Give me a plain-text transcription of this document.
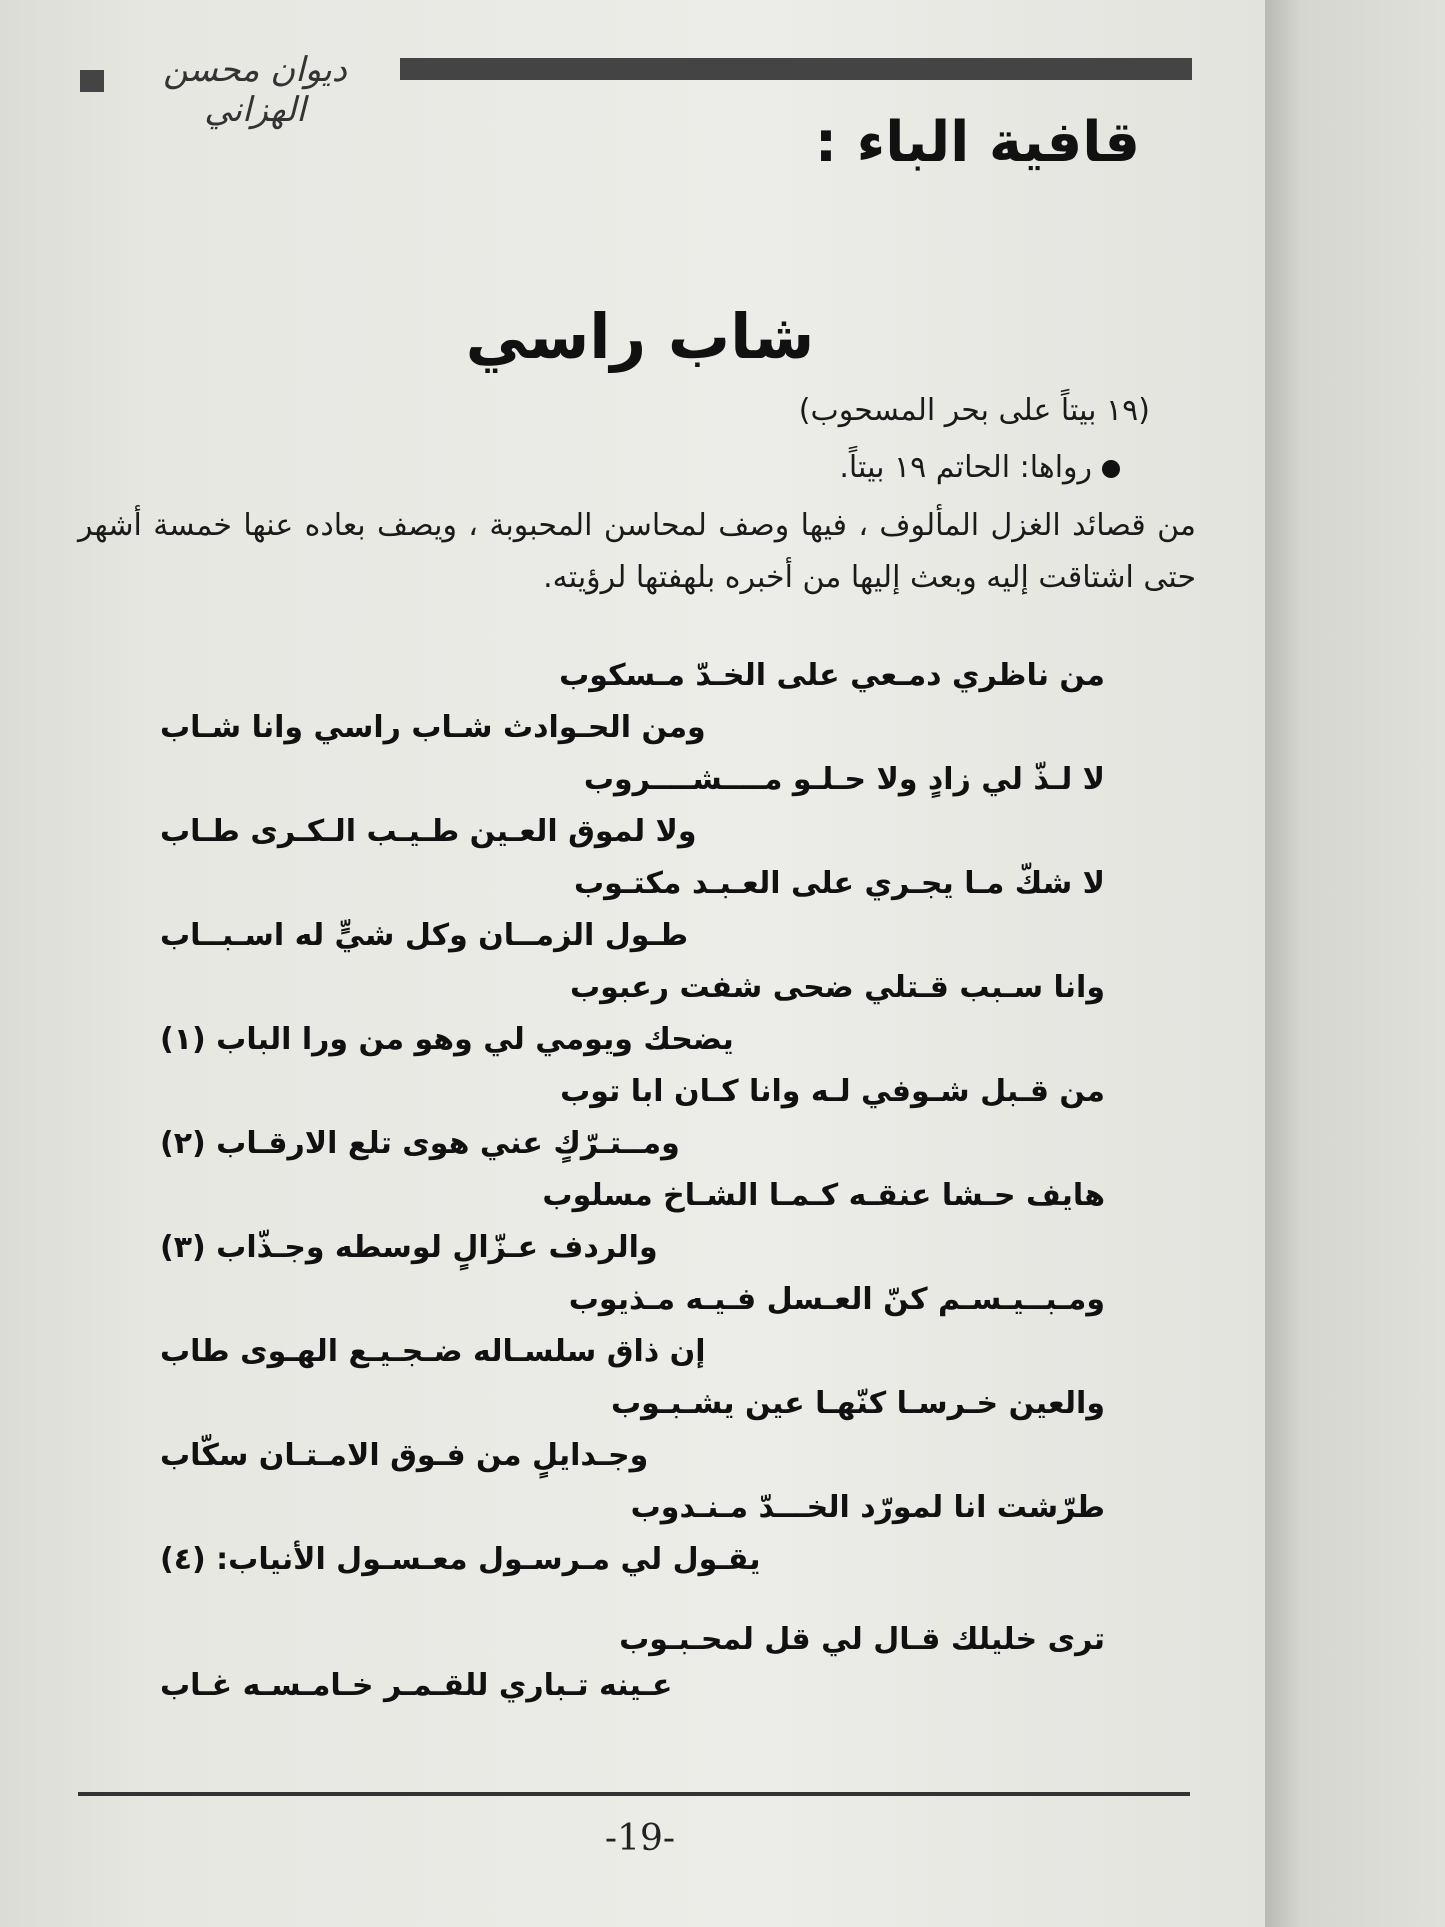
ديوان محسن الهزاني	قافية الباء :
شاب راسي
(١٩ بيتاً على بحر المسحوب)
رواها: الحاتم ١٩ بيتاً.
من قصائد الغزل المألوف ، فيها وصف لمحاسن المحبوبة ، ويصف بعاده عنها خمسة أشهر حتى اشتاقت إليه وبعث إليها من أخبره بلهفتها لرؤيته.
من ناظري دمـعي على الخـدّ مـسكوب
ومن الحـوادث شـاب راسي وانا شـاب
لا لـذّ لي زادٍ ولا حـلـو مــــشــــروب
ولا لموق العـين طـيـب الـكـرى طـاب
لا شكّ مـا يجـري على العـبـد مكتـوب
طـول الزمــان وكل شيٍّ له اسـبــاب
وانا سـبب قـتلي ضحى شفت رعبوب
يضحك ويومي لي وهو من ورا الباب (١)
من قـبل شـوفي لـه وانا كـان ابا توب
ومــتـرّكٍ عني هوى تلع الارقـاب (٢)
هايف حـشا عنقـه كـمـا الشـاخ مسلوب
والردف عـزّالٍ لوسطه وجـذّاب (٣)
ومـبــيـسـم كنّ العـسل فـيـه مـذيوب
إن ذاق سلسـاله ضـجـيـع الهـوى طاب
والعين خـرسـا كنّهـا عين يشـبـوب
وجـدايلٍ من فـوق الامـتـان سكّاب
طرّشت انا لمورّد الخـــدّ مـنـدوب
يقـول لي مـرسـول معـسـول الأنياب: (٤)
ترى خليلك قـال لي قل لمحـبـوب
عـينه تـباري للقـمـر خـامـسـه غـاب
-19-
